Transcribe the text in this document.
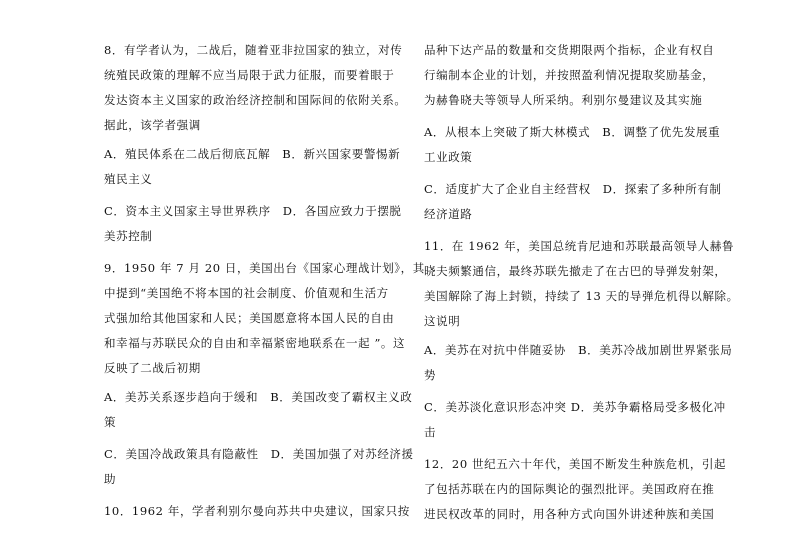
8．有学者认为，二战后，随着亚非拉国家的独立，对传
统殖民政策的理解不应当局限于武力征服，而要着眼于
发达资本主义国家的政治经济控制和国际间的依附关系。
据此，该学者强调
A．殖民体系在二战后彻底瓦解　B．新兴国家要警惕新
殖民主义
C．资本主义国家主导世界秩序　D．各国应致力于摆脱
美苏控制
9．1950 年 7 月 20 日，美国出台《国家心理战计划》，其
中提到“美国绝不将本国的社会制度、价值观和生活方
式强加给其他国家和人民；美国愿意将本国人民的自由
和幸福与苏联民众的自由和幸福紧密地联系在一起 ”。这
反映了二战后初期
A．美苏关系逐步趋向于缓和　B．美国改变了霸权主义政
策
C．美国冷战政策具有隐蔽性　D．美国加强了对苏经济援
助
10．1962 年，学者利别尔曼向苏共中央建议，国家只按
品种下达产品的数量和交货期限两个指标，企业有权自
行编制本企业的计划，并按照盈利情况提取奖励基金，
为赫鲁晓夫等领导人所采纳。利别尔曼建议及其实施
A．从根本上突破了斯大林模式　B．调整了优先发展重
工业政策
C．适度扩大了企业自主经营权　D．探索了多种所有制
经济道路
11．在 1962 年，美国总统肯尼迪和苏联最高领导人赫鲁
晓夫频繁通信，最终苏联先撤走了在古巴的导弹发射架，
美国解除了海上封锁，持续了 13 天的导弹危机得以解除。
这说明
A．美苏在对抗中伴随妥协　B．美苏冷战加剧世界紧张局
势
C．美苏淡化意识形态冲突 D．美苏争霸格局受多极化冲
击
12．20 世纪五六十年代，美国不断发生种族危机，引起
了包括苏联在内的国际舆论的强烈批评。美国政府在推
进民权改革的同时，用各种方式向国外讲述种族和美国
